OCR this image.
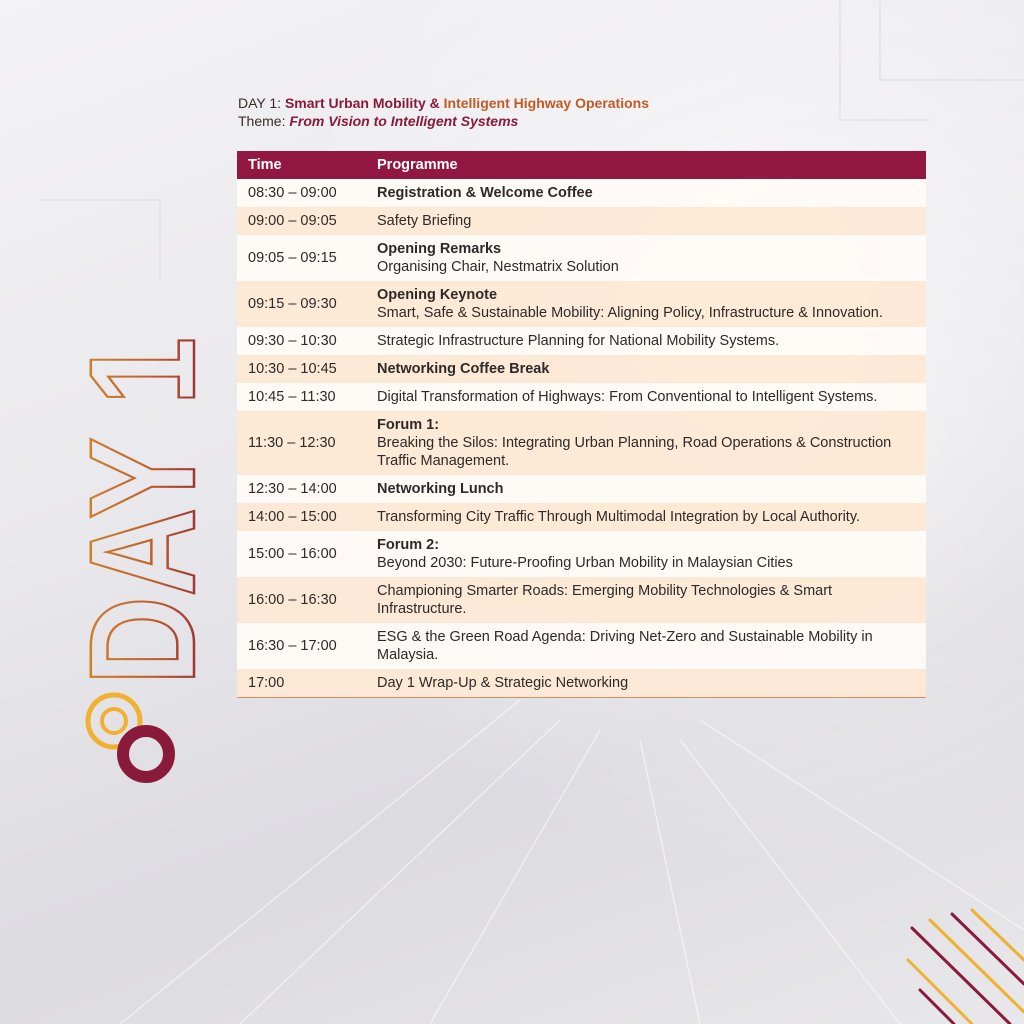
DAY 1: Smart Urban Mobility & Intelligent Highway Operations
Theme: From Vision to Intelligent Systems
DAY 1
Time	Programme
08:30 – 09:00	Registration & Welcome Coffee

09:00 – 09:05	Safety Briefing

09:05 – 09:15	Opening Remarks
Organising Chair, Nestmatrix Solution

09:15 – 09:30	Opening Keynote
Smart, Safe & Sustainable Mobility: Aligning Policy, Infrastructure & Innovation.

09:30 – 10:30	Strategic Infrastructure Planning for National Mobility Systems.

10:30 – 10:45	Networking Coffee Break

10:45 – 11:30	Digital Transformation of Highways: From Conventional to Intelligent Systems.

11:30 – 12:30	Forum 1:
Breaking the Silos: Integrating Urban Planning, Road Operations & Construction Traffic Management.

12:30 – 14:00	Networking Lunch

14:00 – 15:00	Transforming City Traffic Through Multimodal Integration by Local Authority.

15:00 – 16:00	Forum 2:
Beyond 2030: Future-Proofing Urban Mobility in Malaysian Cities

16:00 – 16:30	Championing Smarter Roads: Emerging Mobility Technologies & Smart Infrastructure.

16:30 – 17:00	ESG & the Green Road Agenda: Driving Net-Zero and Sustainable Mobility in Malaysia.

17:00	Day 1 Wrap-Up & Strategic Networking
